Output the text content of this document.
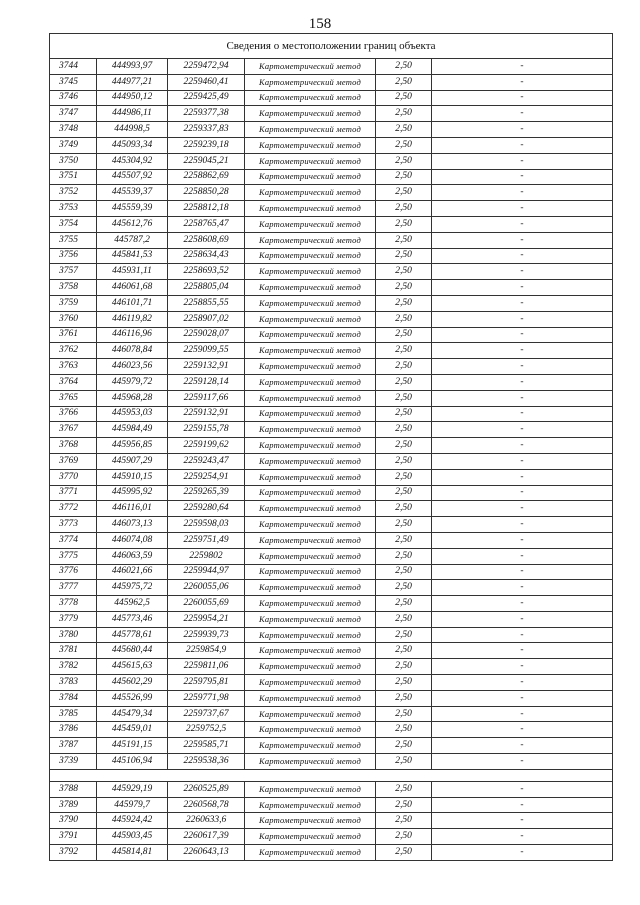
158
Сведения о местоположении границ объекта					
3744	444993,97	2259472,94	Картометрический метод	2,50	-
3745	444977,21	2259460,41	Картометрический метод	2,50	-
3746	444950,12	2259425,49	Картометрический метод	2,50	-
3747	444986,11	2259377,38	Картометрический метод	2,50	-
3748	444998,5	2259337,83	Картометрический метод	2,50	-
3749	445093,34	2259239,18	Картометрический метод	2,50	-
3750	445304,92	2259045,21	Картометрический метод	2,50	-
3751	445507,92	2258862,69	Картометрический метод	2,50	-
3752	445539,37	2258850,28	Картометрический метод	2,50	-
3753	445559,39	2258812,18	Картометрический метод	2,50	-
3754	445612,76	2258765,47	Картометрический метод	2,50	-
3755	445787,2	2258608,69	Картометрический метод	2,50	-
3756	445841,53	2258634,43	Картометрический метод	2,50	-
3757	445931,11	2258693,52	Картометрический метод	2,50	-
3758	446061,68	2258805,04	Картометрический метод	2,50	-
3759	446101,71	2258855,55	Картометрический метод	2,50	-
3760	446119,82	2258907,02	Картометрический метод	2,50	-
3761	446116,96	2259028,07	Картометрический метод	2,50	-
3762	446078,84	2259099,55	Картометрический метод	2,50	-
3763	446023,56	2259132,91	Картометрический метод	2,50	-
3764	445979,72	2259128,14	Картометрический метод	2,50	-
3765	445968,28	2259117,66	Картометрический метод	2,50	-
3766	445953,03	2259132,91	Картометрический метод	2,50	-
3767	445984,49	2259155,78	Картометрический метод	2,50	-
3768	445956,85	2259199,62	Картометрический метод	2,50	-
3769	445907,29	2259243,47	Картометрический метод	2,50	-
3770	445910,15	2259254,91	Картометрический метод	2,50	-
3771	445995,92	2259265,39	Картометрический метод	2,50	-
3772	446116,01	2259280,64	Картометрический метод	2,50	-
3773	446073,13	2259598,03	Картометрический метод	2,50	-
3774	446074,08	2259751,49	Картометрический метод	2,50	-
3775	446063,59	2259802	Картометрический метод	2,50	-
3776	446021,66	2259944,97	Картометрический метод	2,50	-
3777	445975,72	2260055,06	Картометрический метод	2,50	-
3778	445962,5	2260055,69	Картометрический метод	2,50	-
3779	445773,46	2259954,21	Картометрический метод	2,50	-
3780	445778,61	2259939,73	Картометрический метод	2,50	-
3781	445680,44	2259854,9	Картометрический метод	2,50	-
3782	445615,63	2259811,06	Картометрический метод	2,50	-
3783	445602,29	2259795,81	Картометрический метод	2,50	-
3784	445526,99	2259771,98	Картометрический метод	2,50	-
3785	445479,34	2259737,67	Картометрический метод	2,50	-
3786	445459,01	2259752,5	Картометрический метод	2,50	-
3787	445191,15	2259585,71	Картометрический метод	2,50	-
3739	445106,94	2259538,36	Картометрический метод	2,50	-

3788	445929,19	2260525,89	Картометрический метод	2,50	-
3789	445979,7	2260568,78	Картометрический метод	2,50	-
3790	445924,42	2260633,6	Картометрический метод	2,50	-
3791	445903,45	2260617,39	Картометрический метод	2,50	-
3792	445814,81	2260643,13	Картометрический метод	2,50	-
